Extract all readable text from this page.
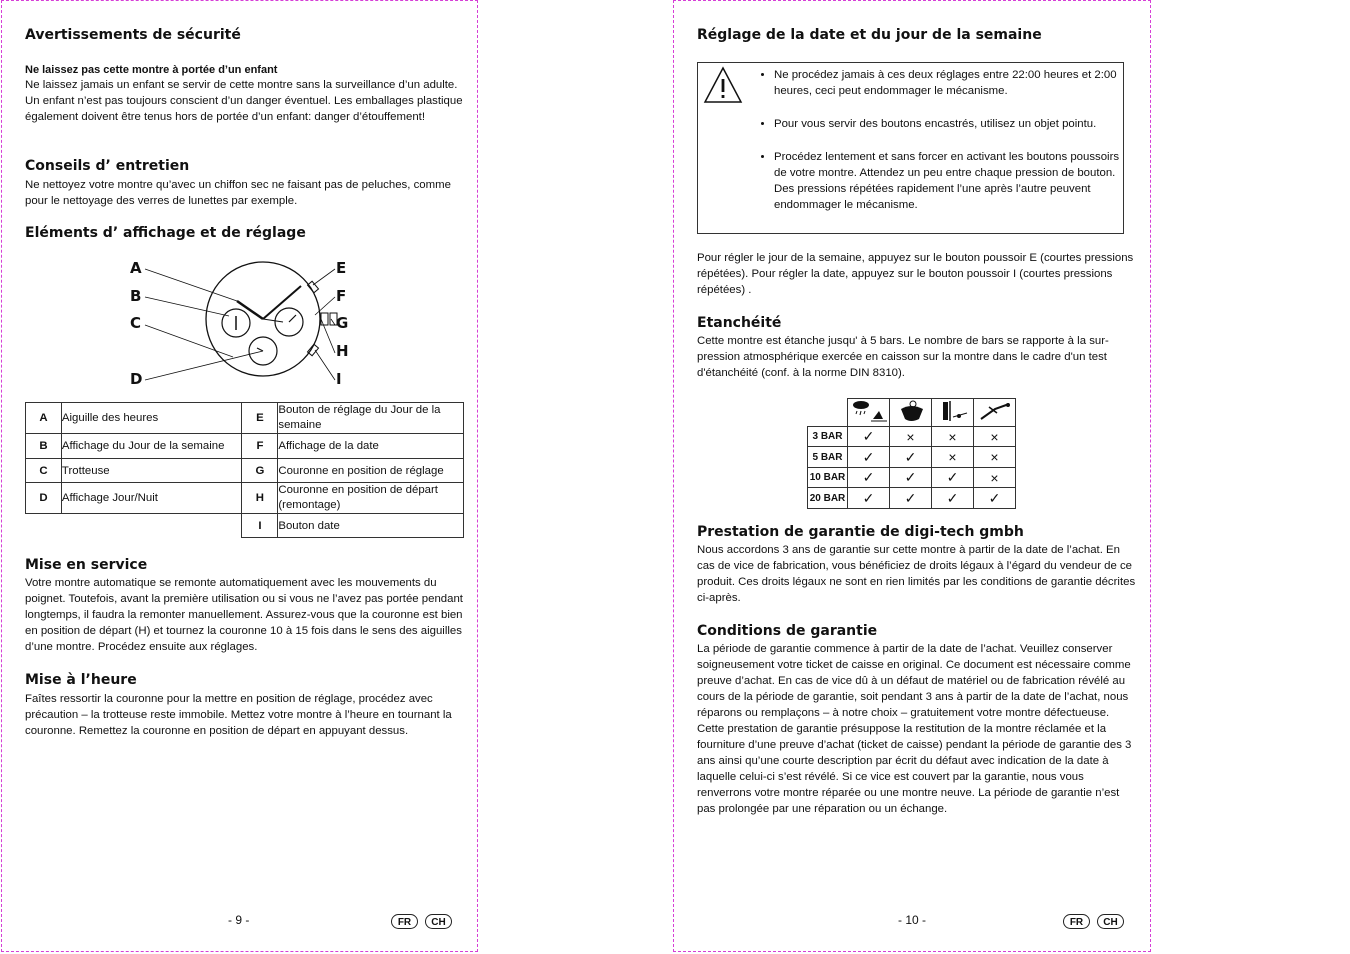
Avertissements de sécurité
Ne laissez pas cette montre à portée d’un enfant

Ne laissez jamais un enfant se servir de cette montre sans la surveillance d’un adulte. Un enfant n’est pas toujours conscient d’un danger éventuel. Les emballages plastique également doivent être tenus hors de portée d’un enfant: danger d’étouffement!

Conseils d’ entretien

Ne nettoyez votre montre qu’avec un chiffon sec ne faisant pas de peluches, comme pour le nettoyage des verres de lunettes par exemple.

Eléments d’ affichage et de réglage
A
B
C
D
E
F
G
H
I
A	Aiguille des heures	E	Bouton de réglage du Jour de la semaine
B	Affichage du Jour de la semaine	F	Affichage de la date
C	Trotteuse	G	Couronne en position de réglage
D	Affichage Jour/Nuit	H	Couronne en position de départ (remontage)
		I	Bouton date
Mise en service

Votre montre automatique se remonte automatiquement avec les mouvements du poignet. Toutefois, avant la première utilisation ou si vous ne l’avez pas portée pendant longtemps, il faudra la remonter manuellement. Assurez-vous que la couronne est bien en position de départ (H) et tournez la couronne 10 à 15 fois dans le sens des aiguilles d’une montre. Procédez ensuite aux réglages.

Mise à l’heure

Faîtes ressortir la couronne pour la mettre en position de réglage, procédez avec précaution – la trotteuse reste immobile. Mettez votre montre à l’heure en tournant la couronne. Remettez la couronne en position de départ en appuyant dessus.

- 9 -	FR	CH
Réglage de la date et du jour de la semaine
• Ne procédez jamais à ces deux réglages entre 22:00 heures et 2:00 heures, ceci peut endommager le mécanisme.
• Pour vous servir des boutons encastrés, utilisez un objet pointu.
• Procédez lentement et sans forcer en activant les boutons poussoirs de votre montre. Attendez un peu entre chaque pression de bouton. Des pressions répétées rapidement l’une après l’autre peuvent endommager le mécanisme.

Pour régler le jour de la semaine, appuyez sur le bouton poussoir E (courtes pressions répétées). Pour régler la date, appuyez sur le bouton poussoir I (courtes pressions répétées) .

Etanchéité

Cette montre est étanche jusqu' à 5 bars. Le nombre de bars se rapporte à la sur-pression atmosphérique exercée en caisson sur la montre dans le cadre d'un test d'étanchéité (conf. à la norme DIN 8310).

3 BAR	✓	×	×	×
5 BAR	✓	✓	×	×
10 BAR	✓	✓	✓	×
20 BAR	✓	✓	✓	✓
Prestation de garantie de digi-tech gmbh

Nous accordons 3 ans de garantie sur cette montre à partir de la date de l’achat. En cas de vice de fabrication, vous bénéficiez de droits légaux à l’égard du vendeur de ce produit. Ces droits légaux ne sont en rien limités par les conditions de garantie décrites ci-après.

Conditions de garantie

La période de garantie commence à partir de la date de l’achat. Veuillez conserver soigneusement votre ticket de caisse en original. Ce document est nécessaire comme preuve d’achat. En cas de vice dû à un défaut de matériel ou de fabrication révélé au cours de la période de garantie, soit pendant 3 ans à partir de la date de l’achat, nous réparons ou remplaçons – à notre choix – gratuitement votre montre défectueuse. Cette prestation de garantie présuppose la restitution de la montre réclamée et la fourniture d’une preuve d’achat (ticket de caisse) pendant la période de garantie des 3 ans ainsi qu’une courte description par écrit du défaut avec indication de la date à laquelle celui-ci s’est révélé. Si ce vice est couvert par la garantie, nous vous renverrons votre montre réparée ou une montre neuve. La période de garantie n’est pas prolongée par une réparation ou un échange.

- 10 -	FR	CH
